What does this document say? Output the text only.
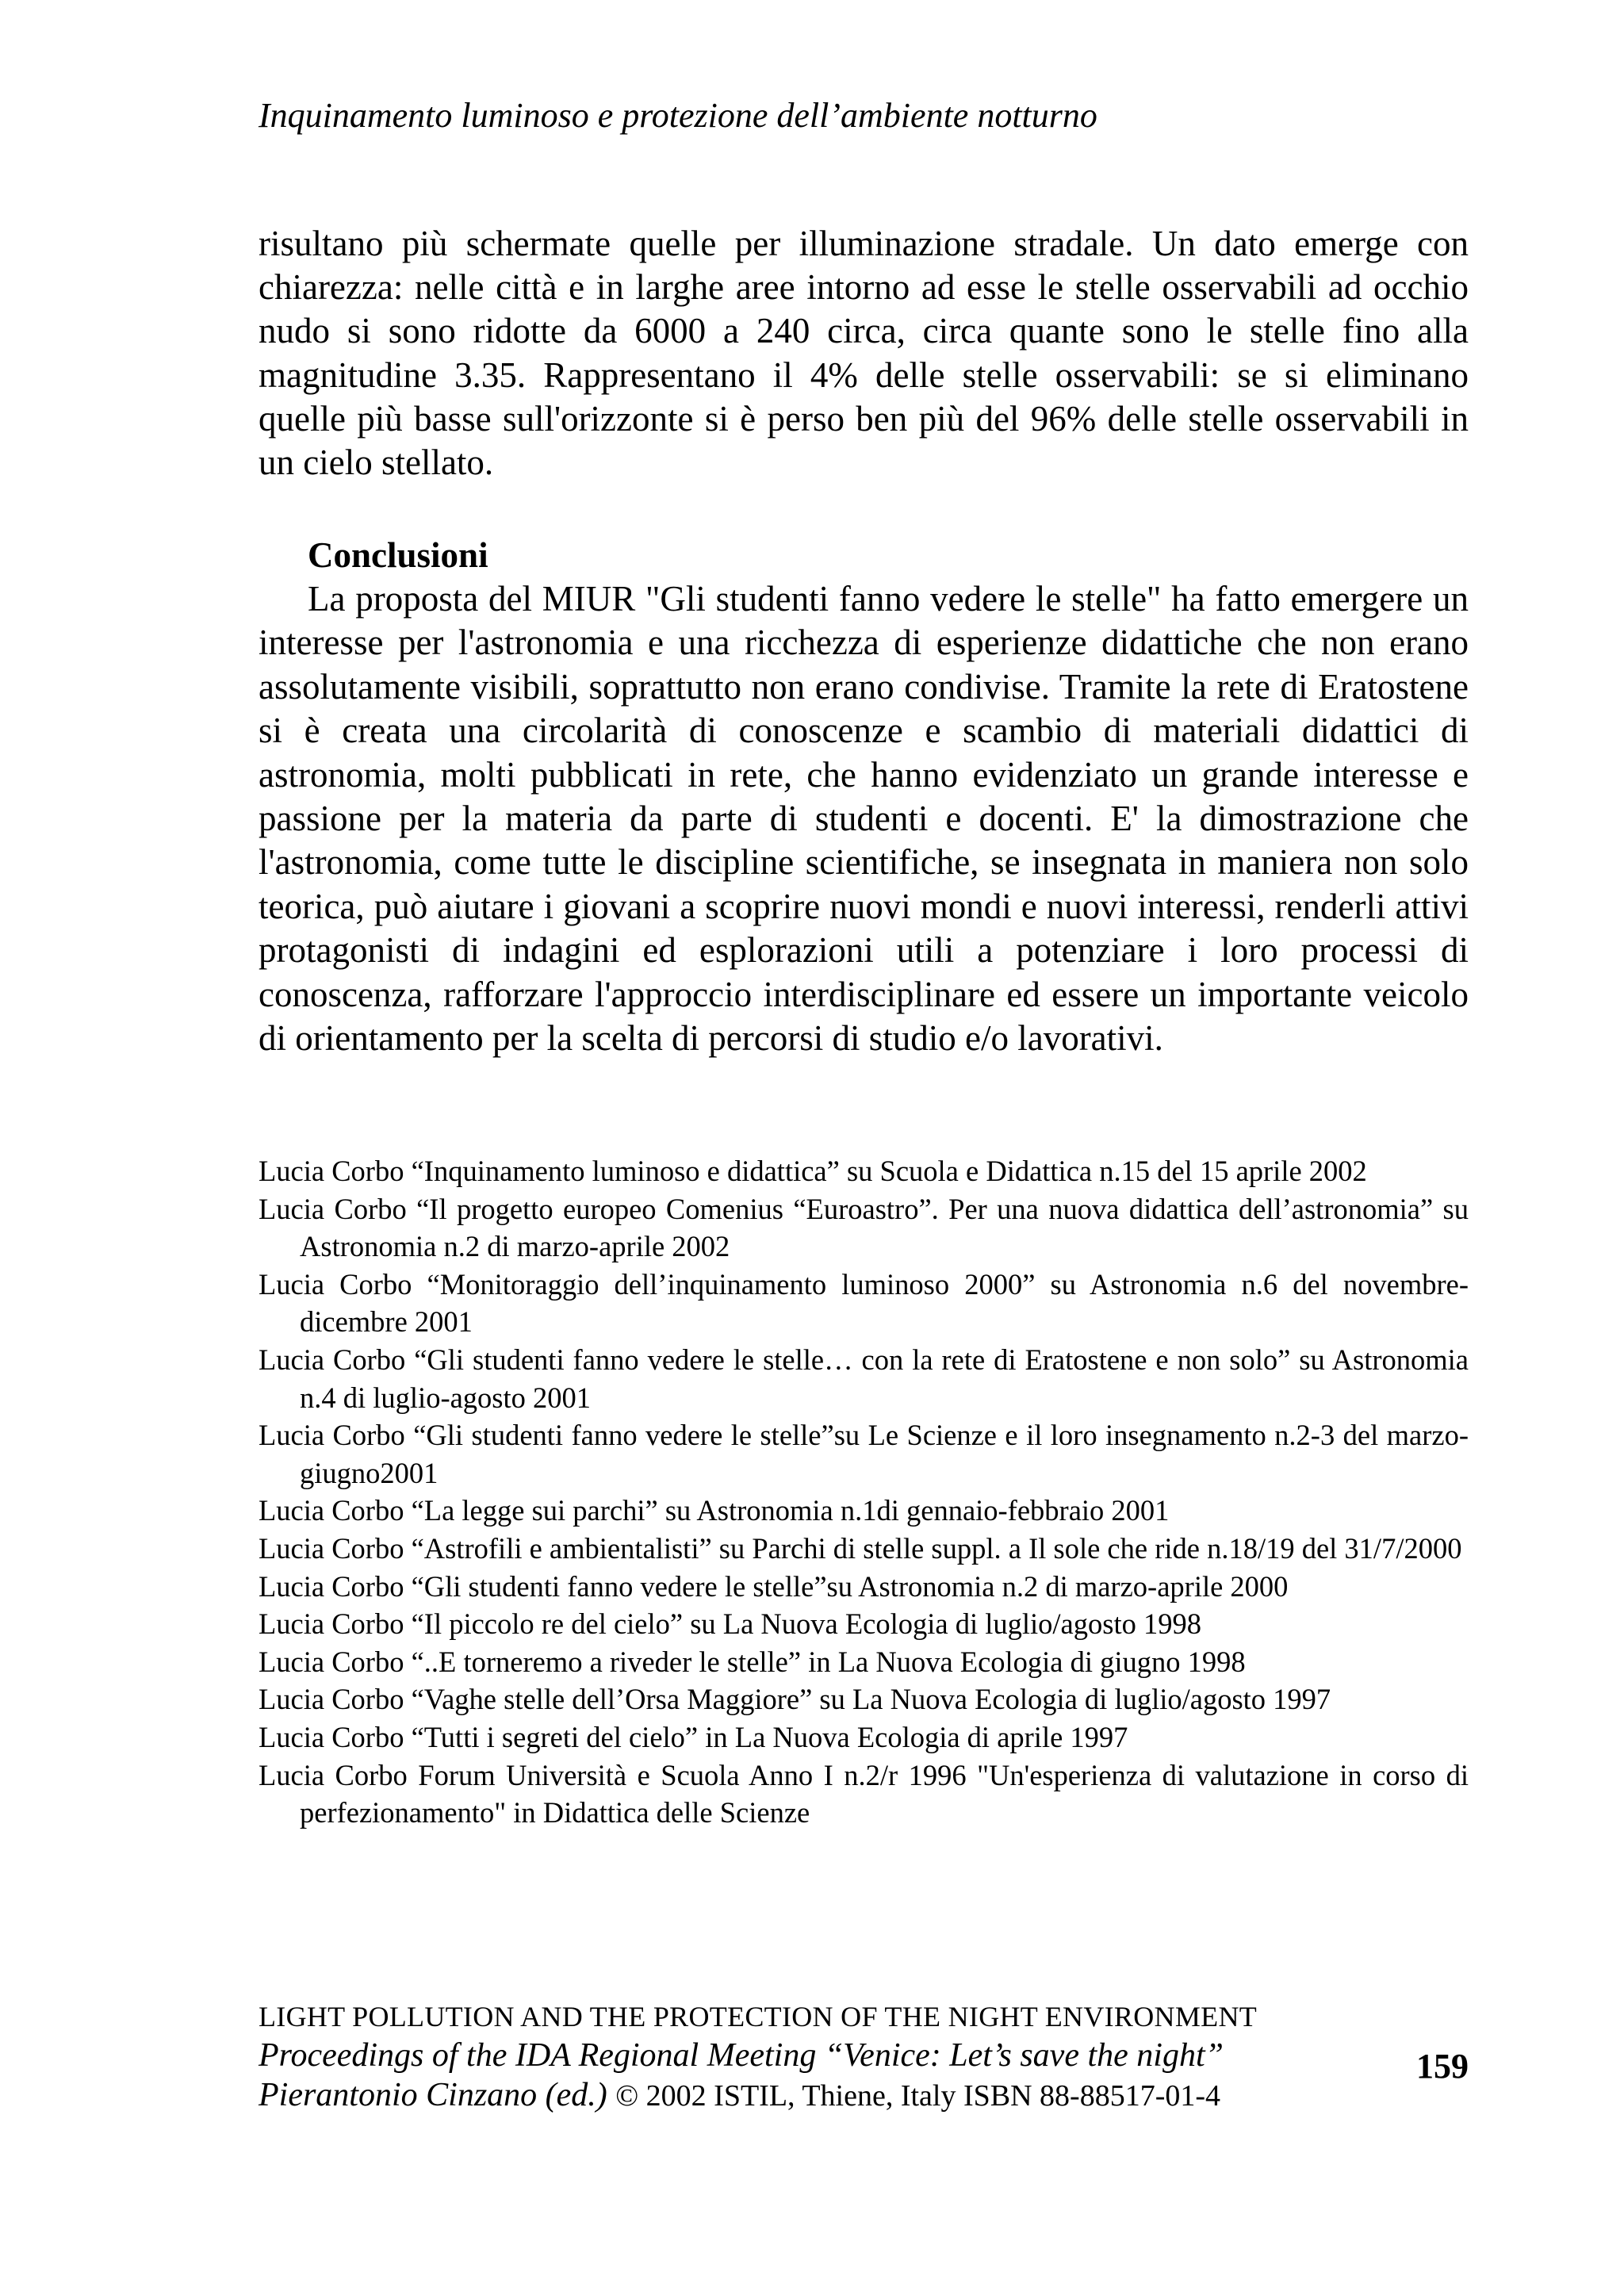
Inquinamento luminoso e protezione dell’ambiente notturno

risultano più schermate quelle per illuminazione stradale. Un dato emerge con chiarezza: nelle città e in larghe aree intorno ad esse le stelle osservabili ad occhio nudo si sono ridotte da 6000 a 240 circa, circa quante sono le stelle fino alla magnitudine 3.35. Rappresentano il 4% delle stelle osservabili: se si eliminano quelle più basse sull'orizzonte si è perso ben più del 96% delle stelle osservabili in un cielo stellato.

Conclusioni

La proposta del MIUR "Gli studenti fanno vedere le stelle" ha fatto emergere un interesse per l'astronomia e una ricchezza di esperienze didattiche che non erano assolutamente visibili, soprattutto non erano condivise. Tramite la rete di Eratostene si è creata una circolarità di conoscenze e scambio di materiali didattici di astronomia, molti pubblicati in rete, che hanno evidenziato un grande interesse e passione per la materia da parte di studenti e docenti. E' la dimostrazione che l'astronomia, come tutte le discipline scientifiche, se insegnata in maniera non solo teorica, può aiutare i giovani a scoprire nuovi mondi e nuovi interessi, renderli attivi protagonisti di indagini ed esplorazioni utili a potenziare i loro processi di conoscenza, rafforzare l'approccio interdisciplinare ed essere un importante veicolo di orientamento per la scelta di percorsi di studio e/o lavorativi.

Lucia Corbo “Inquinamento luminoso e didattica” su Scuola e Didattica n.15 del 15 aprile 2002
Lucia Corbo “Il progetto europeo Comenius “Euroastro”. Per una nuova didattica dell’astronomia” su Astronomia n.2 di marzo-aprile 2002
Lucia Corbo “Monitoraggio dell’inquinamento luminoso 2000” su Astronomia n.6 del novembre-dicembre 2001
Lucia Corbo “Gli studenti fanno vedere le stelle… con la rete di Eratostene e non solo” su Astronomia n.4 di luglio-agosto 2001
Lucia Corbo “Gli studenti fanno vedere le stelle”su Le Scienze e il loro insegnamento n.2-3 del marzo-giugno2001
Lucia Corbo “La legge sui parchi” su Astronomia n.1di gennaio-febbraio 2001
Lucia Corbo “Astrofili e ambientalisti” su Parchi di stelle suppl. a Il sole che ride n.18/19 del 31/7/2000
Lucia Corbo “Gli studenti fanno vedere le stelle”su Astronomia n.2 di marzo-aprile 2000
Lucia Corbo “Il piccolo re del cielo” su La Nuova Ecologia di luglio/agosto 1998
Lucia Corbo “..E torneremo a riveder le stelle” in La Nuova Ecologia di giugno 1998
Lucia Corbo “Vaghe stelle dell’Orsa Maggiore” su La Nuova Ecologia di luglio/agosto 1997
Lucia Corbo “Tutti i segreti del cielo” in La Nuova Ecologia di aprile 1997
Lucia Corbo Forum Università e Scuola Anno I n.2/r 1996 "Un'esperienza di valutazione in corso di perfezionamento" in Didattica delle Scienze

LIGHT POLLUTION AND THE PROTECTION OF THE NIGHT ENVIRONMENT

Proceedings of the IDA Regional Meeting “Venice: Let’s save the night”

Pierantonio Cinzano (ed.) © 2002 ISTIL, Thiene, Italy ISBN 88-88517-01-4

159
